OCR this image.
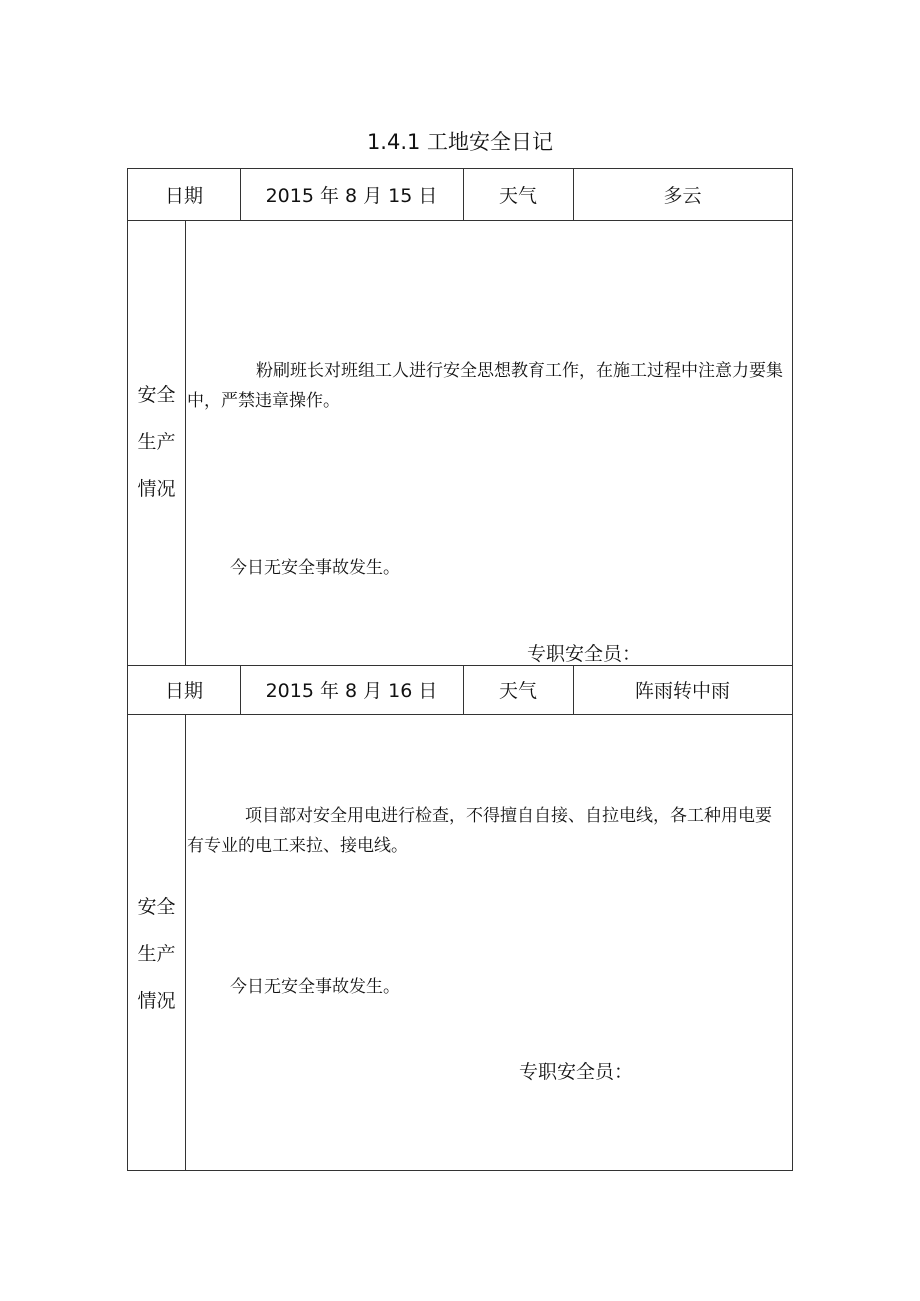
1.4.1 工地安全日记
日期	2015 年 8 月 15 日	天气	多云
安全
生产
情况
粉刷班长对班组工人进行安全思想教育工作，在施工过程中注意力要集中，严禁违章操作。
今日无安全事故发生。
专职安全员：
日期	2015 年 8 月 16 日	天气	阵雨转中雨
安全
生产
情况
项目部对安全用电进行检查，不得擅自自接、自拉电线，各工种用电要有专业的电工来拉、接电线。
今日无安全事故发生。
专职安全员：
